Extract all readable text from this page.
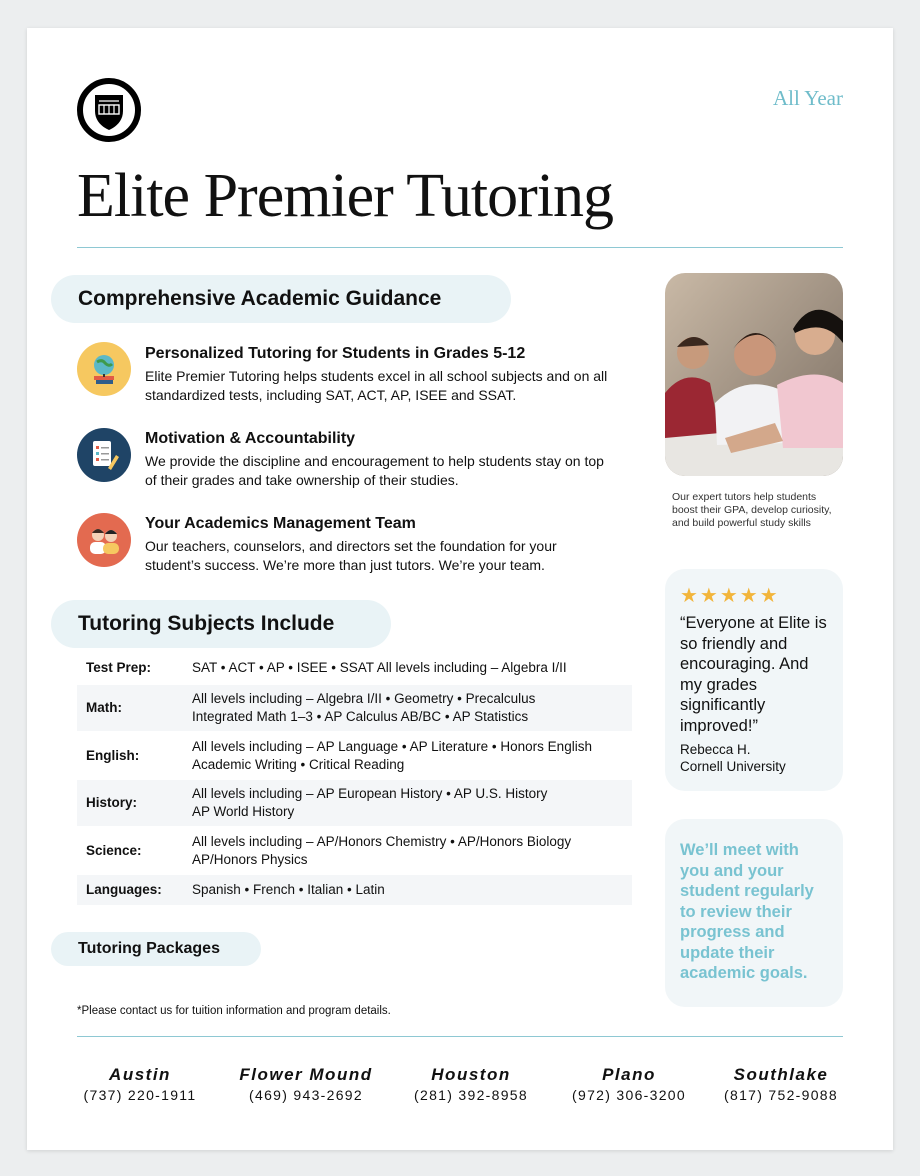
All Year
Elite Premier Tutoring
Comprehensive Academic Guidance
Personalized Tutoring for Students in Grades 5-12
Elite Premier Tutoring helps students excel in all school subjects and on all standardized tests, including SAT, ACT, AP, ISEE and SSAT.
Motivation & Accountability
We provide the discipline and encouragement to help students stay on top of their grades and take ownership of their studies.
Your Academics Management Team
Our teachers, counselors, and directors set the foundation for your student’s success. We’re more than just tutors. We’re your team.
Tutoring Subjects Include
Test Prep:	SAT • ACT • AP • ISEE • SSAT All levels including – Algebra I/II

Math:	All levels including – Algebra I/II • Geometry • Precalculus
Integrated Math 1–3 • AP Calculus AB/BC • AP Statistics

English:	All levels including – AP Language • AP Literature • Honors English
Academic Writing • Critical Reading

History:	All levels including – AP European History • AP U.S. History
AP World History

Science:	All levels including – AP/Honors Chemistry • AP/Honors Biology
AP/Honors Physics

Languages:	Spanish • French • Italian • Latin
Tutoring Packages
*Please contact us for tuition information and program details.
Our expert tutors help students boost their GPA, develop curiosity, and build powerful study skills
★★★★★
“Everyone at Elite is so friendly and encouraging. And my grades significantly improved!”
Rebecca H.
Cornell University
We’ll meet with you and your student regularly to review their progress and update their academic goals.
Austin
(737) 220-1911
Flower Mound
(469) 943-2692
Houston
(281) 392-8958
Plano
(972) 306-3200
Southlake
(817) 752-9088
